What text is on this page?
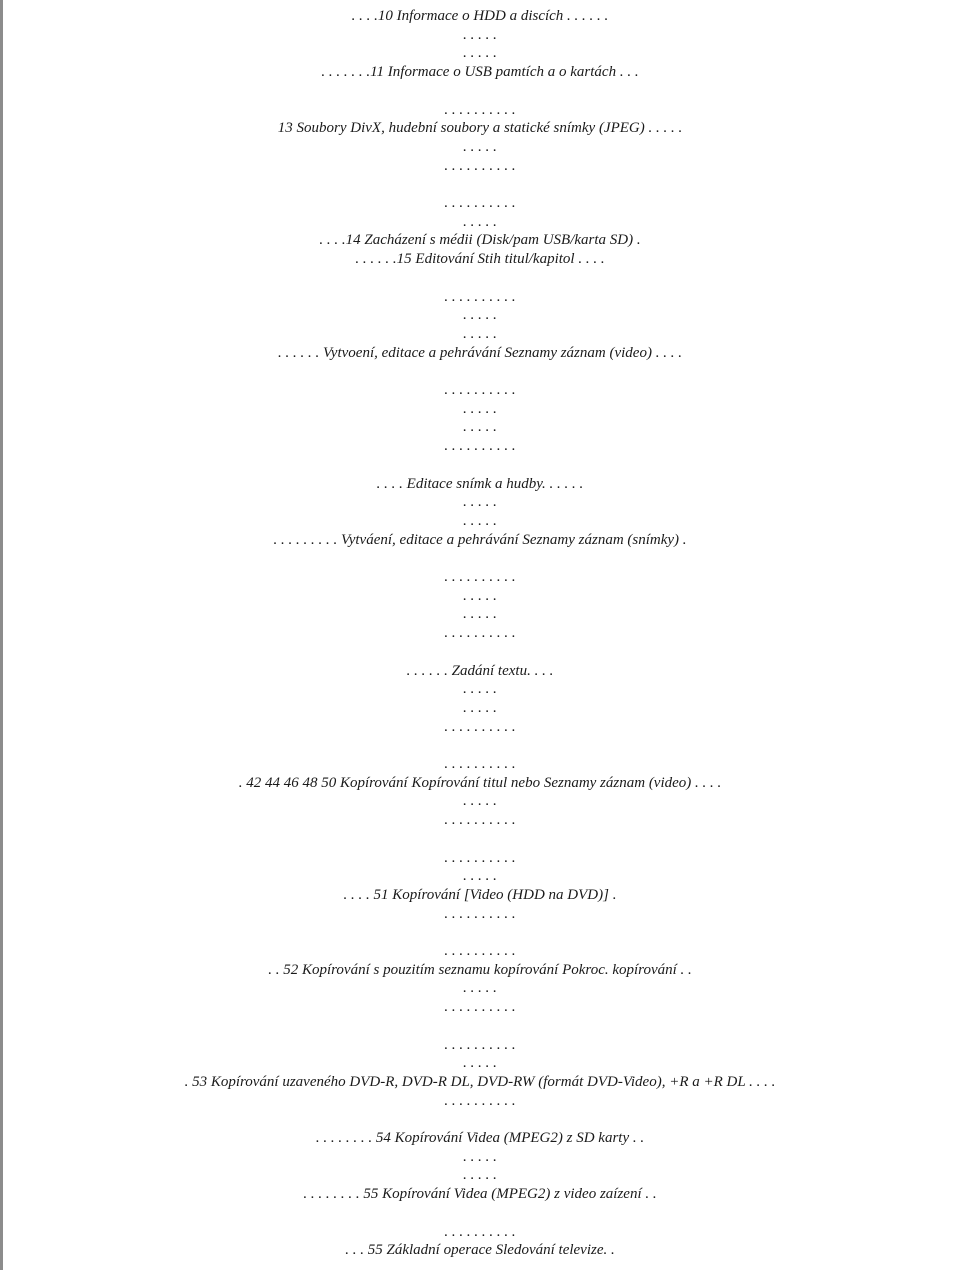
. . . .10 Informace o HDD a discích . . . . . .
. . . . .
. . . . .
. . . . . . .11 Informace o USB pamtích a o kartách . . .
. . . . . . . . . .
13 Soubory DivX, hudební soubory a statické snímky (JPEG) . . . . .
. . . . .
. . . . . . . . . .
. . . . . . . . . .
. . . . .
. . . .14 Zacházení s médii (Disk/pam USB/karta SD) .
. . . . . .15 Editování Stih titul/kapitol . . . .
. . . . . . . . . .
. . . . .
. . . . .
. . . . . . Vytvoení, editace a pehrávání Seznamy záznam (video) . . . .
. . . . . . . . . .
. . . . .
. . . . .
. . . . . . . . . .
. . . . Editace snímk a hudby. . . . . .
. . . . .
. . . . .
. . . . . . . . . Vytváení, editace a pehrávání Seznamy záznam (snímky) .
. . . . . . . . . .
. . . . .
. . . . .
. . . . . . . . . .
. . . . . . Zadání textu. . . .
. . . . .
. . . . .
. . . . . . . . . .
. . . . . . . . . .
. 42 44 46 48 50 Kopírování Kopírování titul nebo Seznamy záznam (video) . . . .
. . . . .
. . . . . . . . . .
. . . . . . . . . .
. . . . .
. . . . 51 Kopírování [Video (HDD na DVD)] .
. . . . . . . . . .
. . . . . . . . . .
. . 52 Kopírování s pouzitím seznamu kopírování Pokroc. kopírování . .
. . . . .
. . . . . . . . . .
. . . . . . . . . .
. . . . .
. 53 Kopírování uzaveného DVD-R, DVD-R DL, DVD-RW (formát DVD-Video), +R a +R DL . . . .
. . . . . . . . . .
. . . . . . . . 54 Kopírování Videa (MPEG2) z SD karty . .
. . . . .
. . . . .
. . . . . . . . 55 Kopírování Videa (MPEG2) z video zaízení . .
. . . . . . . . . .
. . . 55 Základní operace Sledování televize. .
